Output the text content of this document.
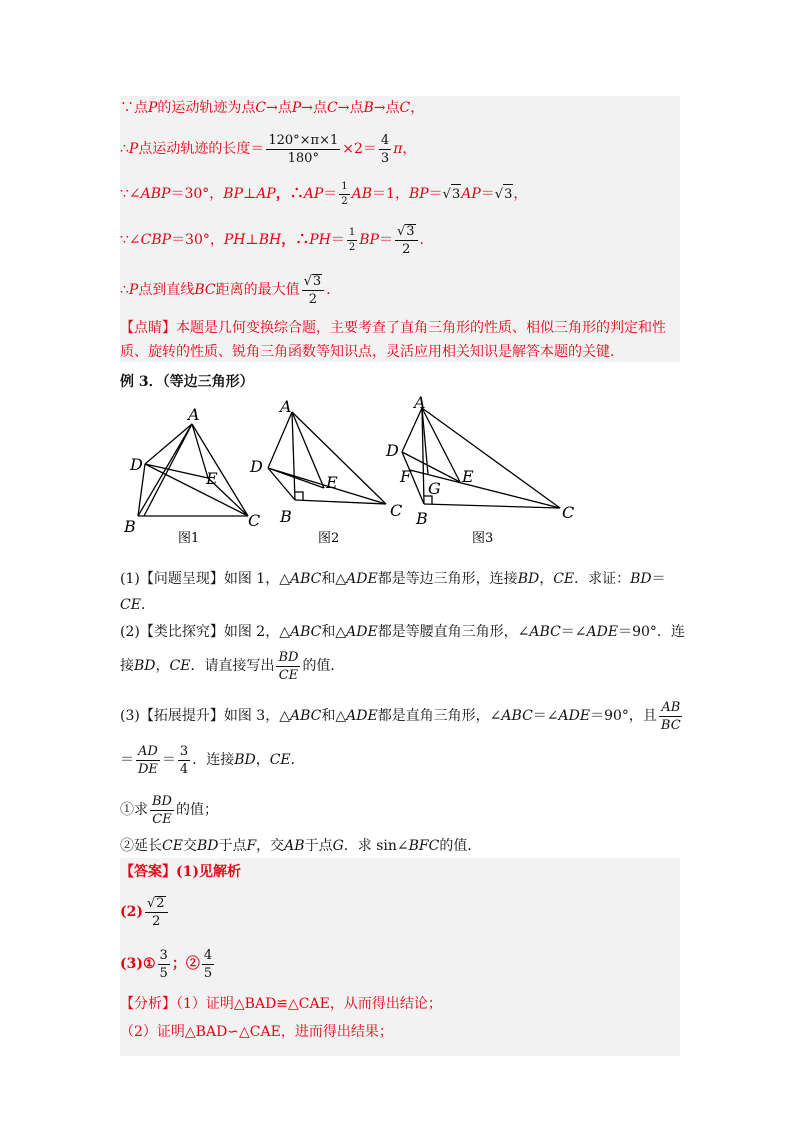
∵点 P 的运动轨迹为点 C →点 P →点 C →点 B →点 C ，
∴ P 点运动轨迹的长度＝ $\frac{120^\circ\times\pi\times 1}{180^\circ} \times 2= \frac{4}{3}$ π ，
∵∠ ABP ＝30°， BP ⊥ AP ，∴ AP ＝ $\frac{1}{2}$ AB ＝1， BP ＝ √ 3 AP ＝ √ 3 ，
∵∠ CBP ＝30°， PH ⊥ BH ，∴ PH ＝ $\frac{1}{2}$ BP ＝ $\frac{√ 3}{2}$ ．
∴ P 点到直线 BC 距离的最大值 $\frac{√ 3}{2}$ ．
【点睛】本题是几何变换综合题，主要考查了直角三角形的性质、相似三角形的判定和性
质、旋转的性质、锐角三角函数等知识点，灵活应用相关知识是解答本题的关键．
例 3．（等边三角形）
A
D
E
B	C
A
D
E
B	C
A
D
F
G
E
B	C
图1	图2	图3
(1)【问题呈现】如图 1，△ABC和△ADE都是等边三角形，连接BD，CE．求证：BD＝
CE．
(2)【类比探究】如图 2，△ ABC 和△ ADE 都是等腰直角三角形，∠ ABC ＝∠ ADE ＝90°．连
接 BD ， CE ．请直接写出 $\frac{BD}{CE}$ 的值．
(3)【拓展提升】如图 3，△ ABC 和△ ADE 都是直角三角形，∠ ABC ＝∠ ADE ＝90°，且 $\frac{AB}{BC}$
＝ $\frac{AD}{DE} = \frac{3}{4}$ ．连接 BD ， CE ．
①求 $\frac{BD}{CE}$ 的值；
②延长 CE 交 BD 于点 F ，交 AB 于点 G ．求 sin∠ BFC 的值．
【答案】(1)见解析
$(2) \frac{√ 2}{2}$
(3)① $\frac{3}{5}$ ；② $\frac{4}{5}$
【分析】（1）证明△BAD≌△CAE，从而得出结论；
（2）证明△BAD∽△CAE，进而得出结果；
